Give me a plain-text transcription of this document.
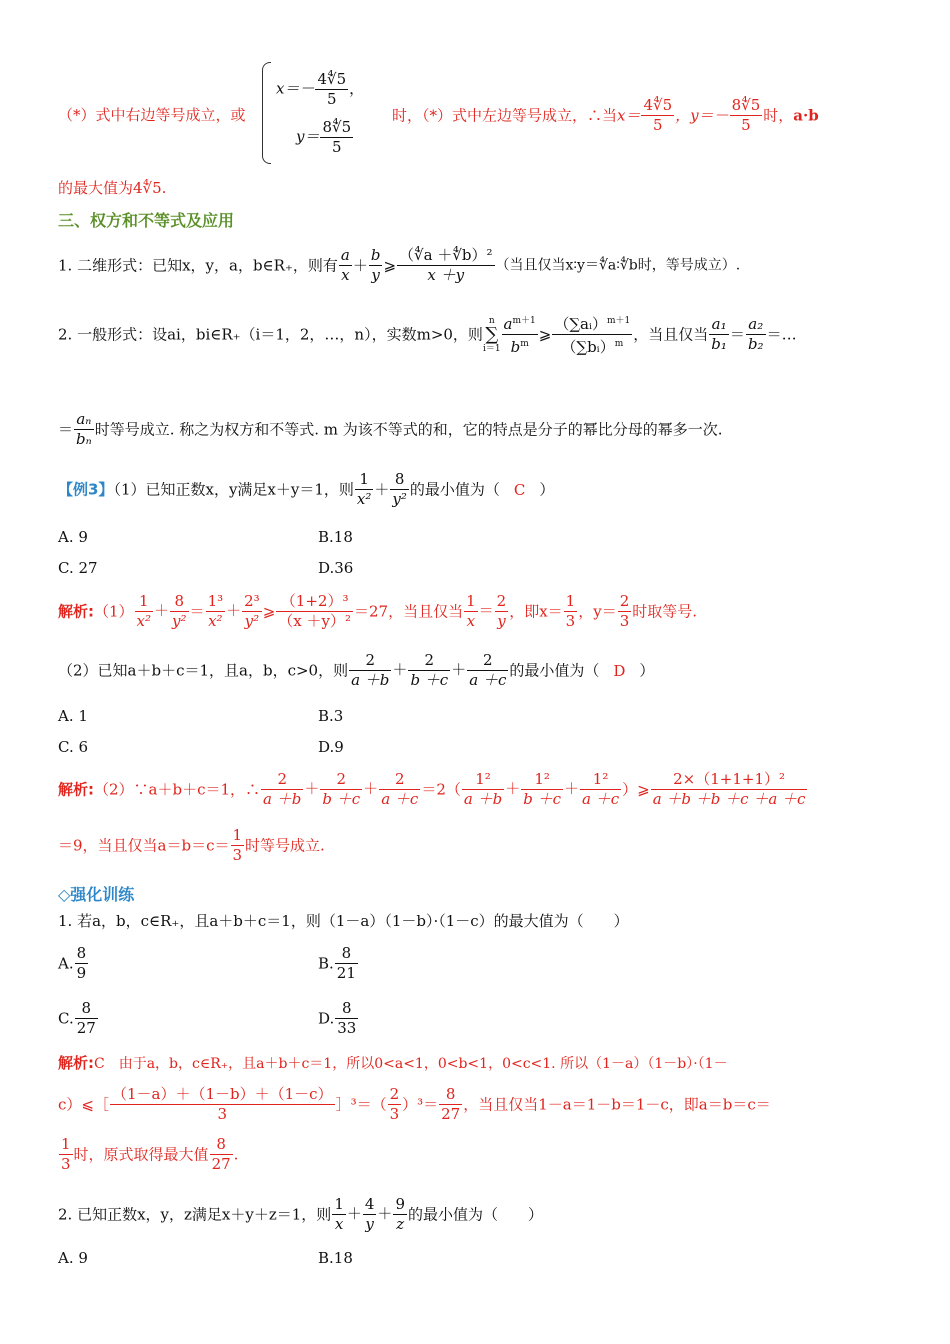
（*）式中右边等号成立，或
$x=- \frac{4∜5}{5}$ ，
$y= \frac{8∜5}{5}$
时，（*）式中左边等号成立，∴当$x= \frac{4∜5}{5}$ ，$y=- \frac{8∜5}{5}$ 时，a·b
的最大值为4∜5.
三、权方和不等式及应用
1. 二维形式：已知x，y，a，b∈R₊，则有 $\frac{a}{x} + \frac{b}{y}$ ⩾ $\frac{\text{（∜a ＋∜b）²}}{x +y}$ （当且仅当x∶y＝∜a∶∜b时，等号成立）.
2. 一般形式：设ai，bi∈R₊（i＝1，2，…，n），实数m>0，则n
∑
$i=1 \frac{a^{m+1}}{b^m}$ ⩾ $\frac{(\sum aᵢ)^{m+1}}{(\sum bᵢ)^m}$ ，当且仅当 $\frac{\text{a₁}}{\text{b₁}} = \frac{\text{a₂}}{\text{b₂}}$ ＝…
＝ $\frac{\text{aₙ}}{\text{bₙ}}$ 时等号成立. 称之为权方和不等式. m 为该不等式的和，它的特点是分子的幂比分母的幂多一次.
【例3】（1）已知正数x，y满足x＋y＝1，则 $\frac{1}{\text{x²}} + \frac{8}{\text{y²}}$ 的最小值为（ C ）
A. 9	B.18
C. 27	D.36
解析:（1） $\frac{1}{\text{x²}} + \frac{8}{\text{y²}} = \frac{\text{1³}}{\text{x²}} + \frac{\text{2³}}{\text{y²}}$ ⩾ $\frac{\text{（1+2）³}}{\text{（x ＋y）²}} =27$，当且仅当 $\frac{1}{x} = \frac{2}{y}$ ，即$x= \frac{1}{3}$ ，$y= \frac{2}{3}$ 时取等号.
（2）已知a＋b＋c＝1，且a，b，c>0，则 $\frac{2}{a +b} + \frac{2}{b +c} + \frac{2}{a +c}$ 的最小值为（ D ）
A. 1	B.3
C. 6	D.9
解析:（2）∵a＋b＋c＝1，∴ $\frac{2}{a +b} + \frac{2}{b +c} + \frac{2}{a +c} =2( \frac{\text{1²}}{a +b} + \frac{\text{1²}}{b +c} + \frac{\text{1²}}{a +c}$ ）⩾ $\frac{\text{2×（1+1+1）²}}{a +b +b +c +a +c}$
＝9，当且仅当$a=b=c= \frac{1}{3}$ 时等号成立.
◇强化训练
1. 若a，b，c∈R₊，且a＋b＋c＝1，则（1－a）（1－b）·（1－c）的最大值为（　　）
A. $\frac{8}{9}$	B. $\frac{8}{21}$
C. $\frac{8}{27}$	D. $\frac{8}{33}$
解析:C　由于a，b，c∈R₊，且a＋b＋c＝1，所以0<a<1，0<b<1，0<c<1. 所以（1－a）（1－b）·（1－
c）⩽［ $\frac{(1-a)+(1-b)+(1-c)}{3}$ ］³＝（ $\frac{2}{3} )^3= \frac{8}{27}$ ，当且仅当1－a＝1－b＝1－c，即a＝b＝c＝
$\frac{1}{3}$ 时，原式取得最大值 $\frac{8}{27}$ .
2. 已知正数x，y，z满足x＋y＋z＝1，则 $\frac{1}{x} + \frac{4}{y} + \frac{9}{z}$ 的最小值为（　　）
A. 9	B.18
